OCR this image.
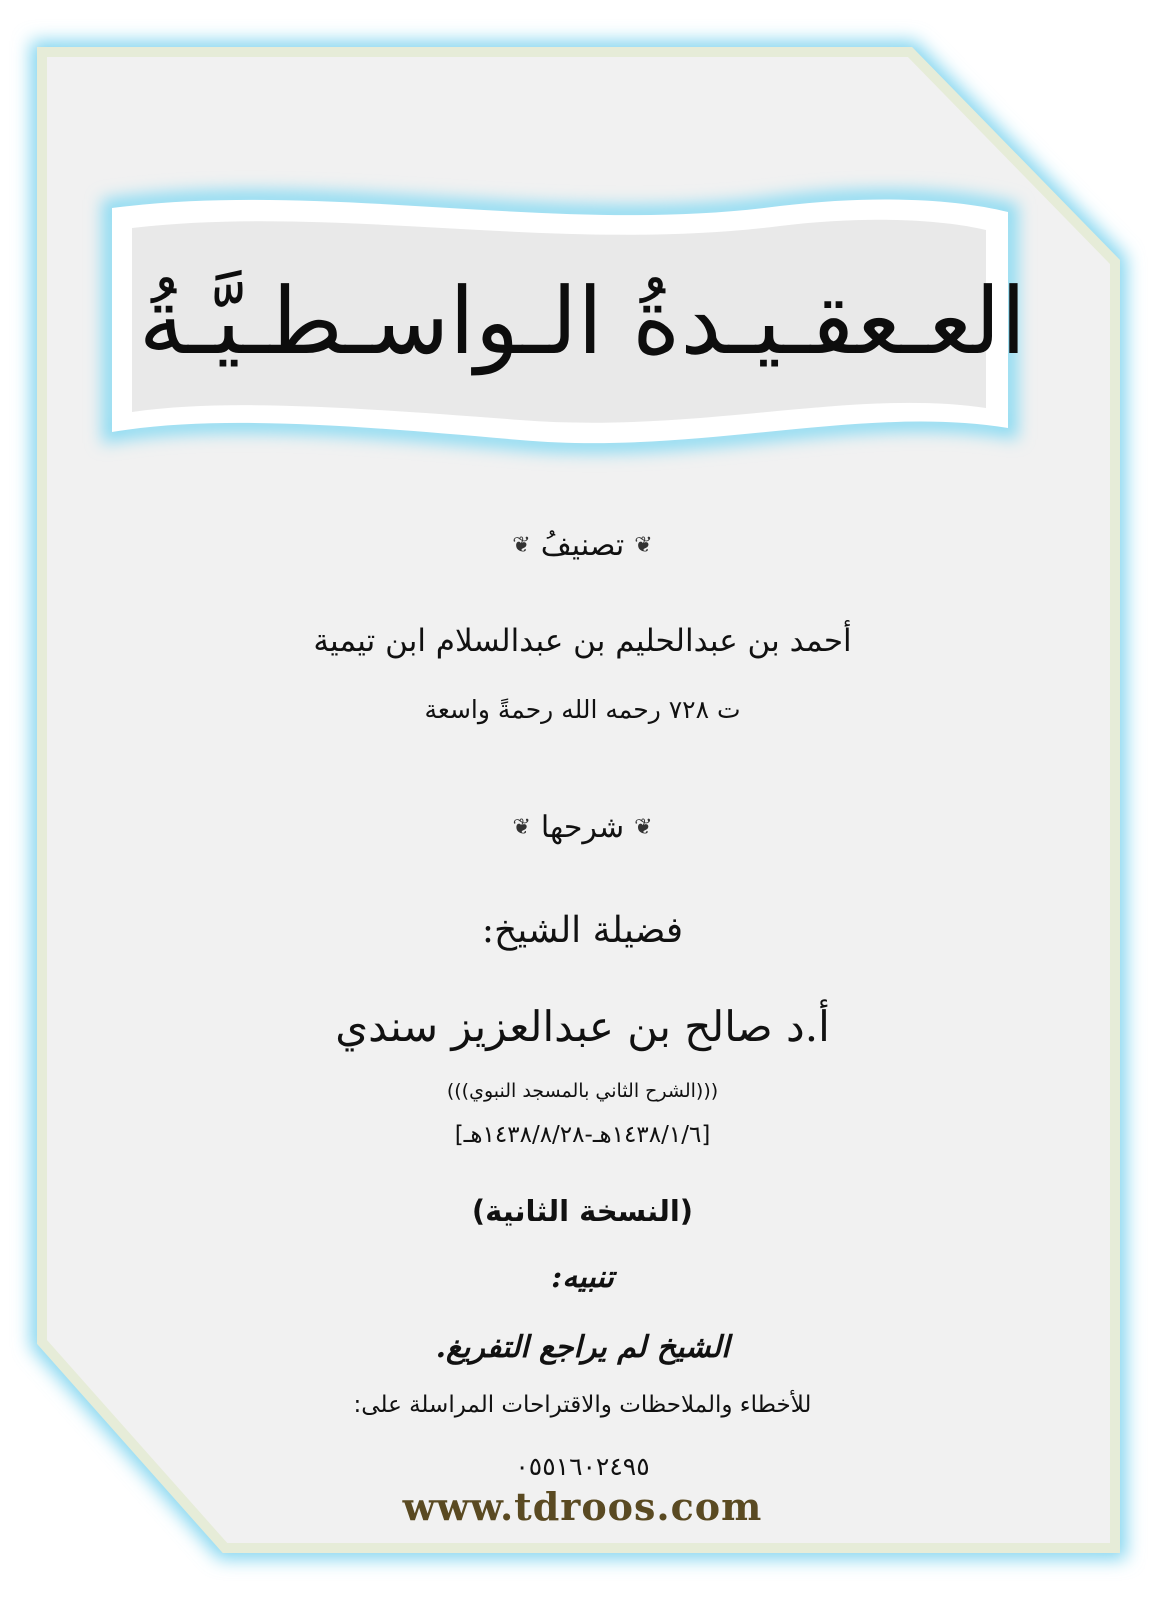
العـعقـيـدةُ الـواسـطـيَّـةُ
❦
تصنيفُ
❦
أحمد بن عبدالحليم بن عبدالسلام ابن تيمية
ت ٧٢٨ رحمه الله رحمةً واسعة
❦
شرحها
❦
فضيلة الشيخ:
أ.د صالح بن عبدالعزيز سندي
(((الشرح الثاني بالمسجد النبوي)))
[١٤٣٨/١/٦هـ-١٤٣٨/٨/٢٨هـ]
(النسخة الثانية)
تنبيه:
الشيخ لم يراجع التفريغ.
للأخطاء والملاحظات والاقتراحات المراسلة على:
٠٥٥١٦٠٢٤٩٥
www.tdroos.com
